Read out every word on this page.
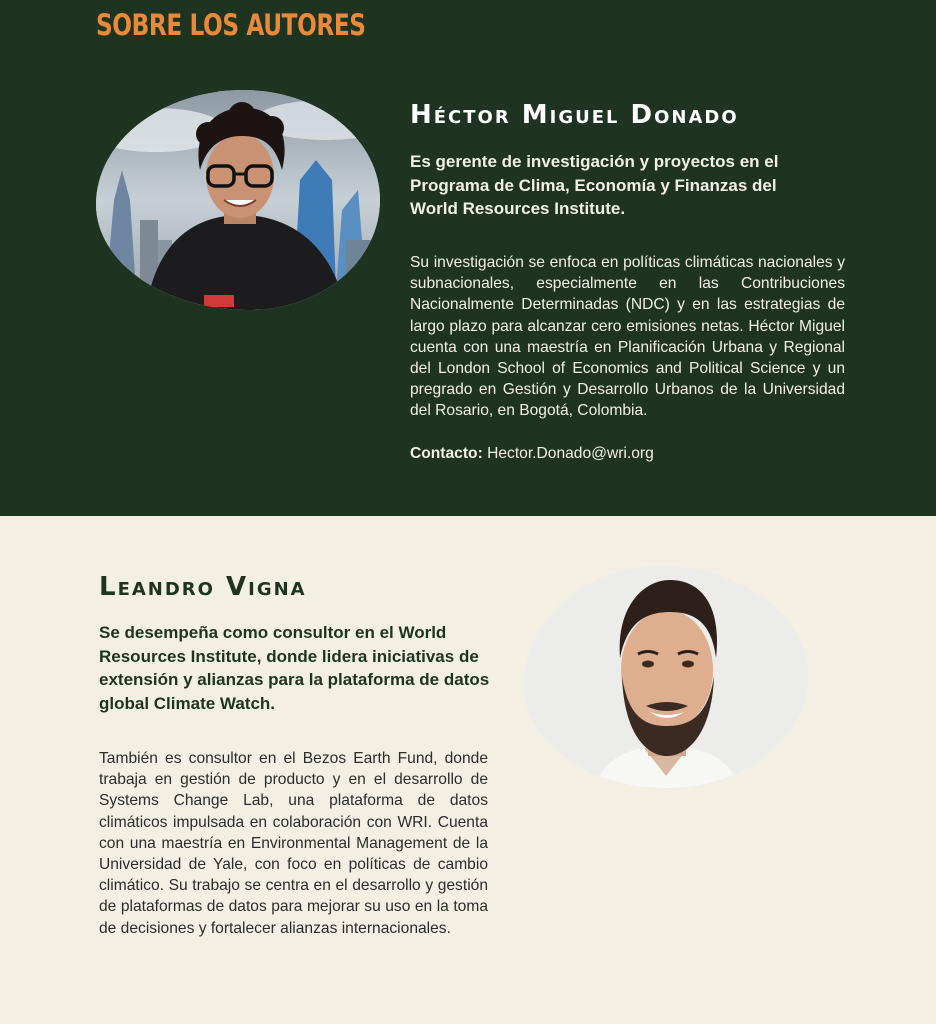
SOBRE LOS AUTORES
Héctor Miguel Donado

Es gerente de investigación y proyectos en el Programa de Clima, Economía y Finanzas del World Resources Institute.

Su investigación se enfoca en políticas climáticas nacionales y subnacionales, especialmente en las Contribuciones Nacionalmente Determinadas (NDC) y en las estrategias de largo plazo para alcanzar cero emisiones netas. Héctor Miguel cuenta con una maestría en Planificación Urbana y Regional del London School of Economics and Political Science y un pregrado en Gestión y Desarrollo Urbanos de la Universidad del Rosario, en Bogotá, Colombia.

Contacto: Hector.Donado@wri.org

Leandro Vigna

Se desempeña como consultor en el World Resources Institute, donde lidera iniciativas de extensión y alianzas para la plataforma de datos global Climate Watch.

También es consultor en el Bezos Earth Fund, donde trabaja en gestión de producto y en el desarrollo de Systems Change Lab, una plataforma de datos climáticos impulsada en colaboración con WRI. Cuenta con una maestría en Environmental Management de la Universidad de Yale, con foco en políticas de cambio climático. Su trabajo se centra en el desarrollo y gestión de plataformas de datos para mejorar su uso en la toma de decisiones y fortalecer alianzas internacionales.
